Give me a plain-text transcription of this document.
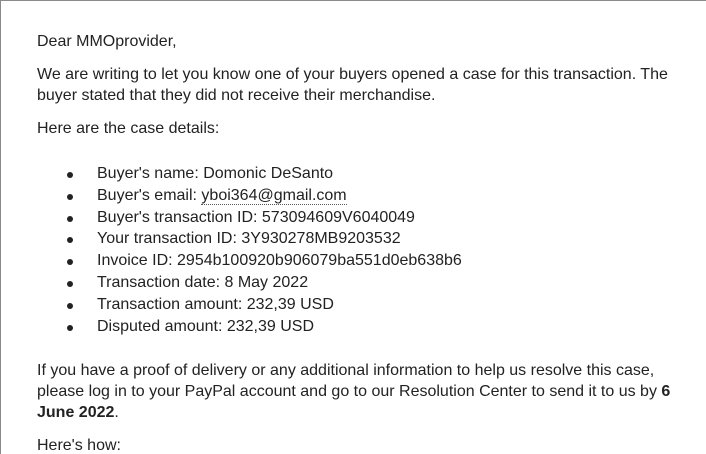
Dear MMOprovider,

We are writing to let you know one of your buyers opened a case for this transaction. The buyer stated that they did not receive their merchandise.

Here are the case details:

Buyer's name: Domonic DeSanto
Buyer's email: yboi364@gmail.com
Buyer's transaction ID: 573094609V6040049
Your transaction ID: 3Y930278MB9203532
Invoice ID: 2954b100920b906079ba551d0eb638b6
Transaction date: 8 May 2022
Transaction amount: 232,39 USD
Disputed amount: 232,39 USD

If you have a proof of delivery or any additional information to help us resolve this case, please log in to your PayPal account and go to our Resolution Center to send it to us by 6 June 2022.

Here's how:
